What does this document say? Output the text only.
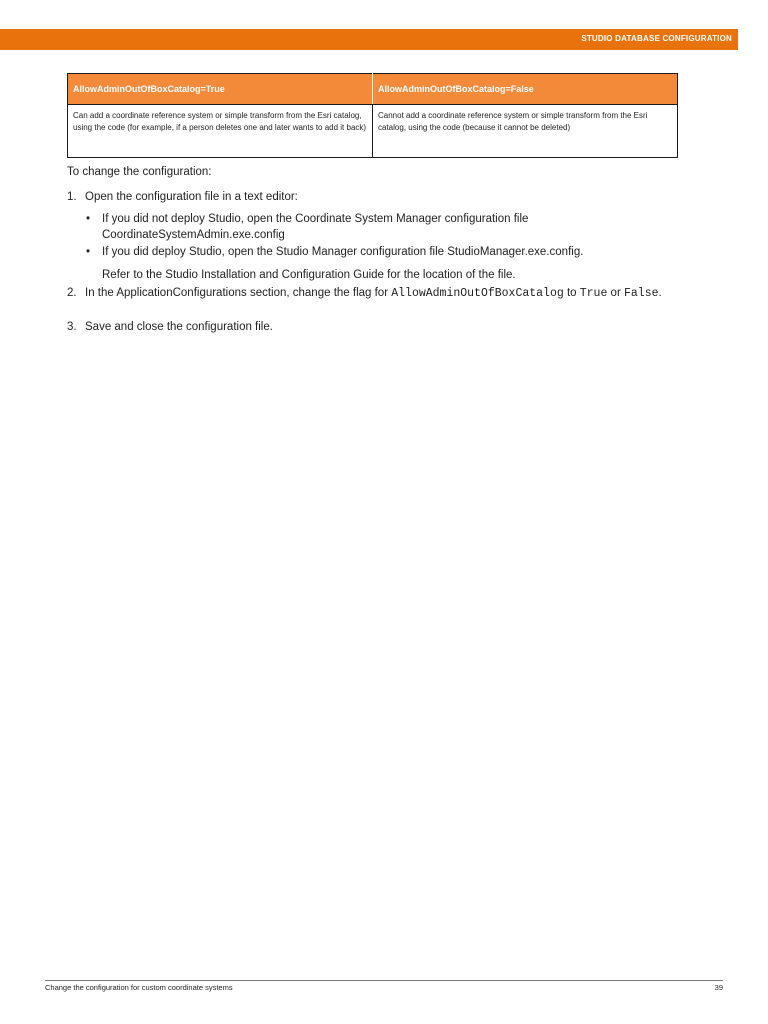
STUDIO DATABASE CONFIGURATION
AllowAdminOutOfBoxCatalog=True	AllowAdminOutOfBoxCatalog=False
Can add a coordinate reference system or simple transform from the Esri catalog, using the code (for example, if a person deletes one and later wants to add it back)	Cannot add a coordinate reference system or simple transform from the Esri catalog, using the code (because it cannot be deleted)
To change the configuration:
1. Open the configuration file in a text editor:
• If you did not deploy Studio, open the Coordinate System Manager configuration file CoordinateSystemAdmin.exe.config
• If you did deploy Studio, open the Studio Manager configuration file StudioManager.exe.config.
Refer to the Studio Installation and Configuration Guide for the location of the file.
2. In the ApplicationConfigurations section, change the flag for AllowAdminOutOfBoxCatalog to True or False.
3. Save and close the configuration file.
Change the configuration for custom coordinate systems	39
